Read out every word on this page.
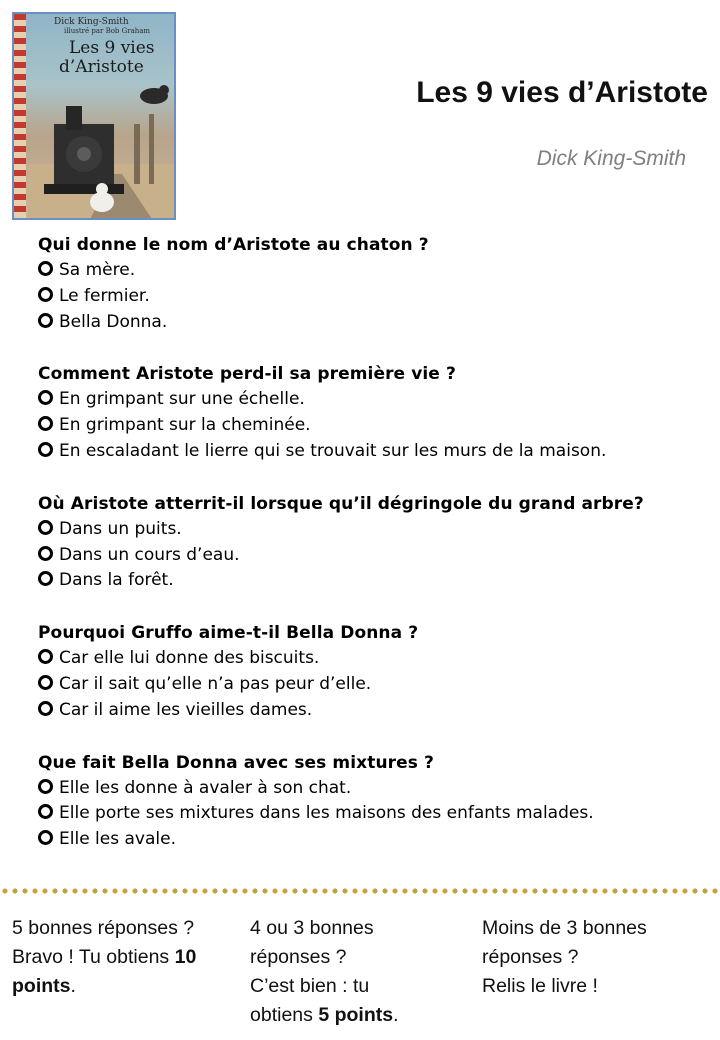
Dick King-Smith
illustré par Bob Graham
Les 9 vies
d’Aristote
Les 9 vies d’Aristote
Dick King-Smith
Qui donne le nom d’Aristote au chaton ?
Sa mère.
Le fermier.
Bella Donna.
Comment Aristote perd-il sa première vie ?
En grimpant sur une échelle.
En grimpant sur la cheminée.
En escaladant le lierre qui se trouvait sur les murs de la maison.
Où Aristote atterrit-il lorsque qu’il dégringole du grand arbre?
Dans un puits.
Dans un cours d’eau.
Dans la forêt.
Pourquoi Gruffo aime-t-il Bella Donna ?
Car elle lui donne des biscuits.
Car il sait qu’elle n’a pas peur d’elle.
Car il aime les vieilles dames.
Que fait Bella Donna avec ses mixtures ?
Elle les donne à avaler à son chat.
Elle porte ses mixtures dans les maisons des enfants malades.
Elle les avale.
5 bonnes réponses ?
Bravo ! Tu obtiens 10
points.
4 ou 3 bonnes
réponses ?
C’est bien : tu
obtiens 5 points.
Moins de 3 bonnes
réponses ?
Relis le livre !
